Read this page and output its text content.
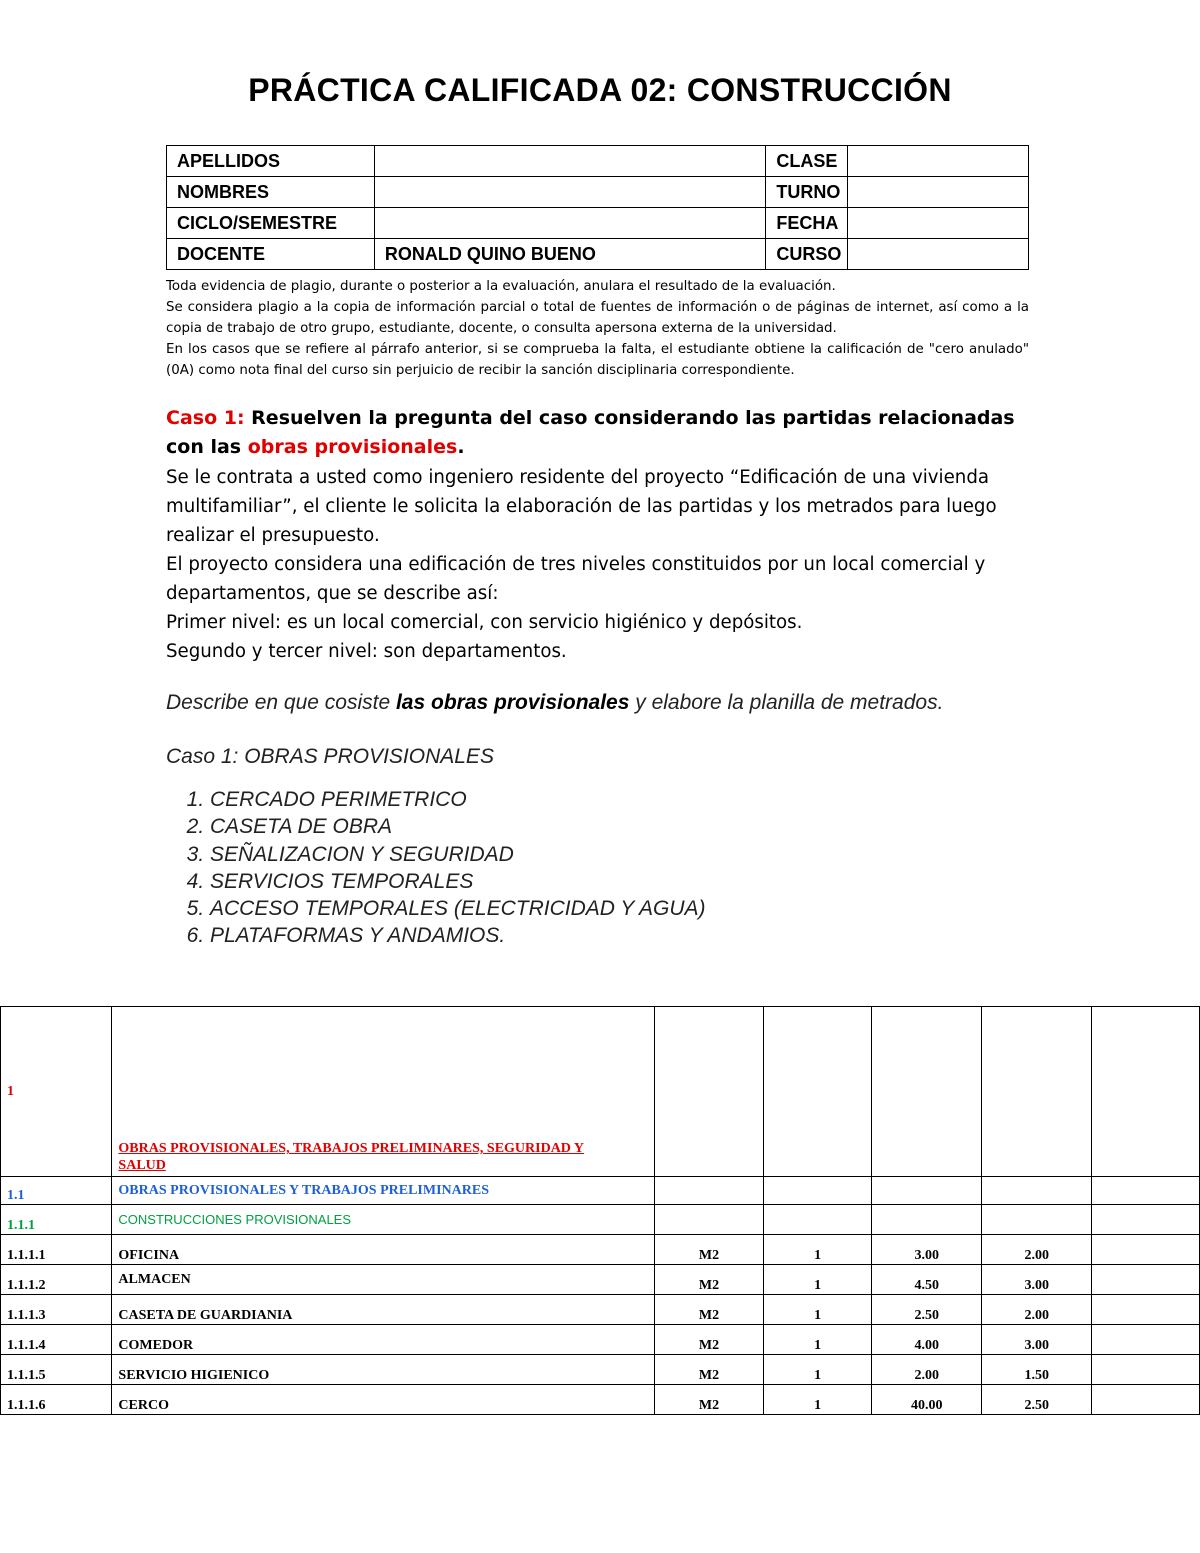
PRÁCTICA CALIFICADA 02: CONSTRUCCIÓN
APELLIDOS		CLASE	
NOMBRES		TURNO	
CICLO/SEMESTRE		FECHA	
DOCENTE	RONALD QUINO BUENO	CURSO	

Toda evidencia de plagio, durante o posterior a la evaluación, anulara el resultado de la evaluación.

Se considera plagio a la copia de información parcial o total de fuentes de información o de páginas de internet, así como a la copia de trabajo de otro grupo, estudiante, docente, o consulta apersona externa de la universidad.

En los casos que se refiere al párrafo anterior, si se comprueba la falta, el estudiante obtiene la calificación de "cero anulado" (0A) como nota final del curso sin perjuicio de recibir la sanción disciplinaria correspondiente.

Caso 1: Resuelven la pregunta del caso considerando las partidas relacionadas con las obras provisionales.

Se le contrata a usted como ingeniero residente del proyecto “Edificación de una vivienda multifamiliar”, el cliente le solicita la elaboración de las partidas y los metrados para luego realizar el presupuesto.

El proyecto considera una edificación de tres niveles constituidos por un local comercial y departamentos, que se describe así:

Primer nivel: es un local comercial, con servicio higiénico y depósitos.

Segundo y tercer nivel: son departamentos.

Describe en que cosiste las obras provisionales y elabore la planilla de metrados.
Caso 1: OBRAS PROVISIONALES
1. CERCADO PERIMETRICO
2. CASETA DE OBRA
3. SEÑALIZACION Y SEGURIDAD
4. SERVICIOS TEMPORALES
5. ACCESO TEMPORALES (ELECTRICIDAD Y AGUA)
6. PLATAFORMAS Y ANDAMIOS.
1	OBRAS PROVISIONALES, TRABAJOS PRELIMINARES, SEGURIDAD Y SALUD					
1.1	OBRAS PROVISIONALES Y TRABAJOS PRELIMINARES					
1.1.1	CONSTRUCCIONES PROVISIONALES					
1.1.1.1	OFICINA	M2	1	3.00	2.00	
1.1.1.2	ALMACEN	M2	1	4.50	3.00	
1.1.1.3	CASETA DE GUARDIANIA	M2	1	2.50	2.00	
1.1.1.4	COMEDOR	M2	1	4.00	3.00	
1.1.1.5	SERVICIO HIGIENICO	M2	1	2.00	1.50	
1.1.1.6	CERCO	M2	1	40.00	2.50	
